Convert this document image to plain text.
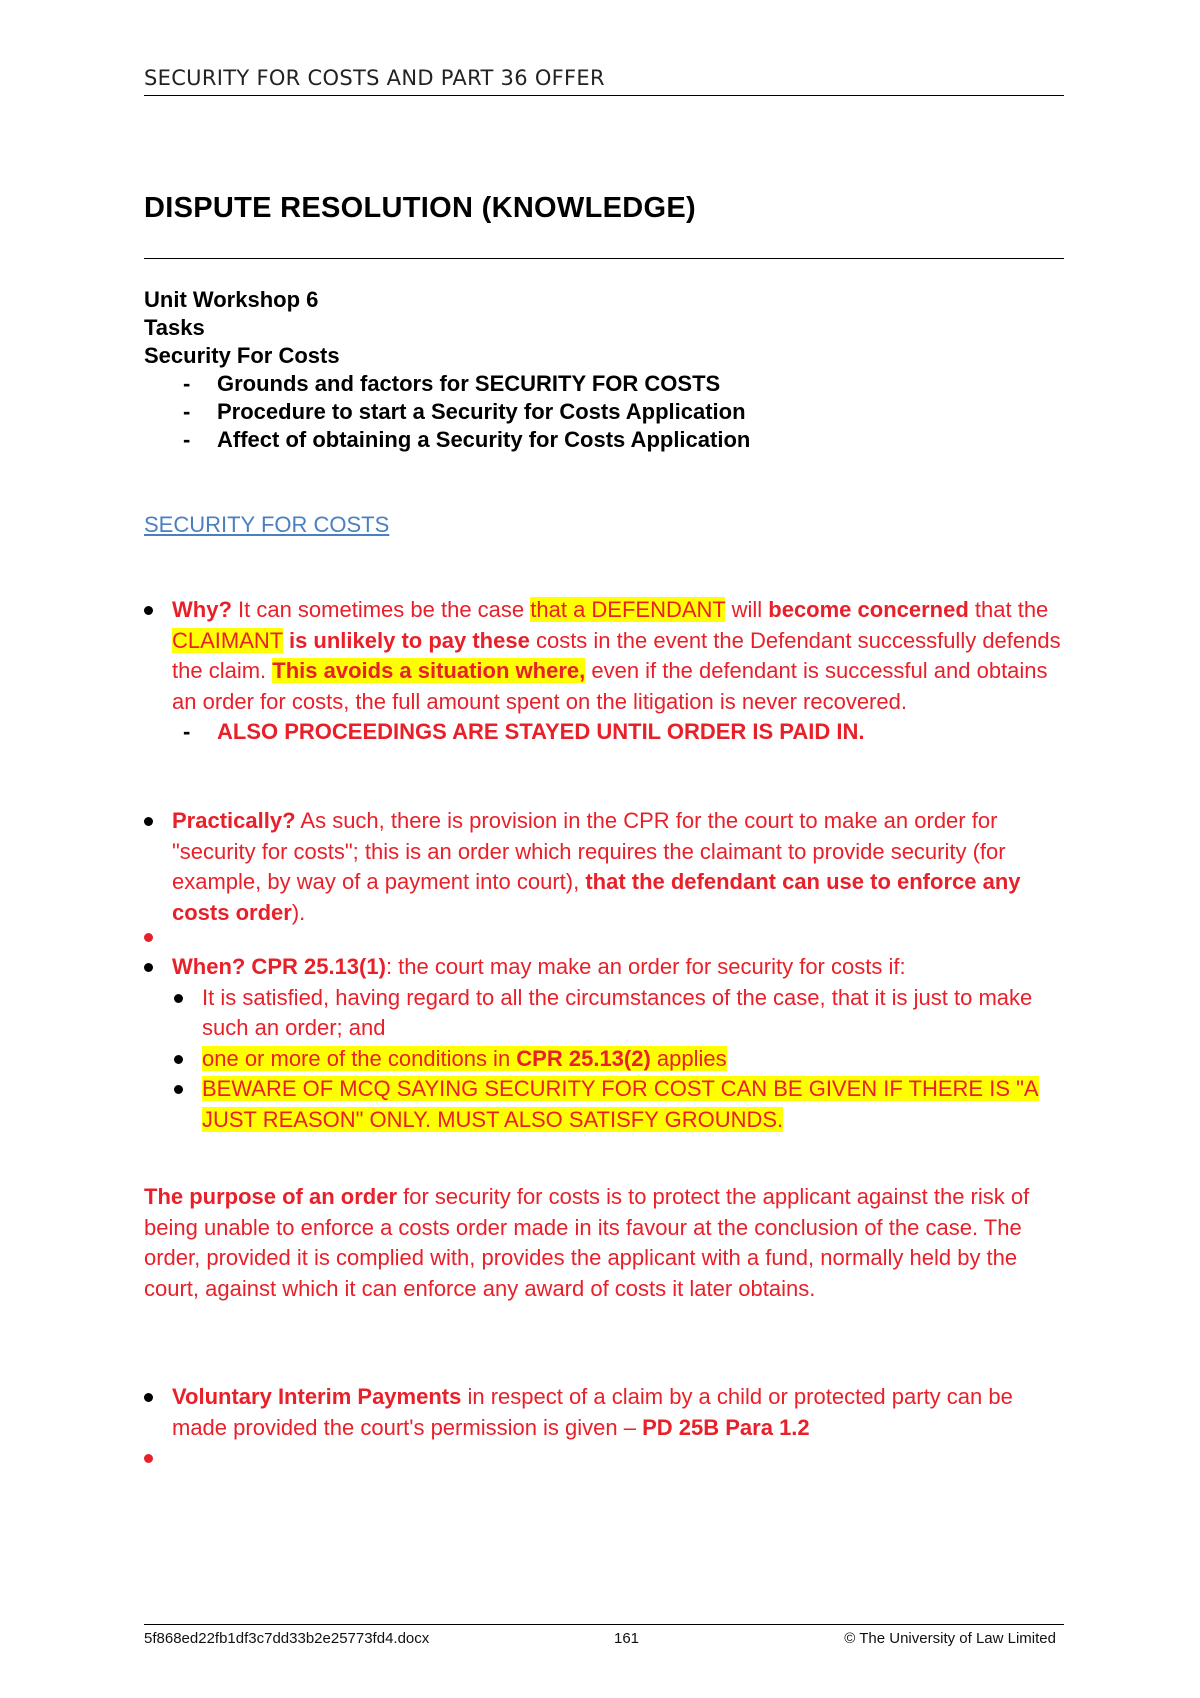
SECURITY FOR COSTS AND PART 36 OFFER
DISPUTE RESOLUTION (KNOWLEDGE)
Unit Workshop 6
Tasks
Security For Costs
- Grounds and factors for SECURITY FOR COSTS
- Procedure to start a Security for Costs Application
- Affect of obtaining a Security for Costs Application
SECURITY FOR COSTS
Why? It can sometimes be the case that a DEFENDANT will become concerned that the CLAIMANT is unlikely to pay these costs in the event the Defendant successfully defends the claim. This avoids a situation where, even if the defendant is successful and obtains an order for costs, the full amount spent on the litigation is never recovered.
- ALSO PROCEEDINGS ARE STAYED UNTIL ORDER IS PAID IN.
Practically? As such, there is provision in the CPR for the court to make an order for "security for costs"; this is an order which requires the claimant to provide security (for example, by way of a payment into court), that the defendant can use to enforce any costs order).
When? CPR 25.13(1): the court may make an order for security for costs if:
It is satisfied, having regard to all the circumstances of the case, that it is just to make such an order; and
one or more of the conditions in CPR 25.13(2) applies
BEWARE OF MCQ SAYING SECURITY FOR COST CAN BE GIVEN IF THERE IS "A JUST REASON" ONLY. MUST ALSO SATISFY GROUNDS.
The purpose of an order for security for costs is to protect the applicant against the risk of being unable to enforce a costs order made in its favour at the conclusion of the case. The order, provided it is complied with, provides the applicant with a fund, normally held by the court, against which it can enforce any award of costs it later obtains.
Voluntary Interim Payments in respect of a claim by a child or protected party can be made provided the court's permission is given – PD 25B Para 1.2
5f868ed22fb1df3c7dd33b2e25773fd4.docx	161	© The University of Law Limited
